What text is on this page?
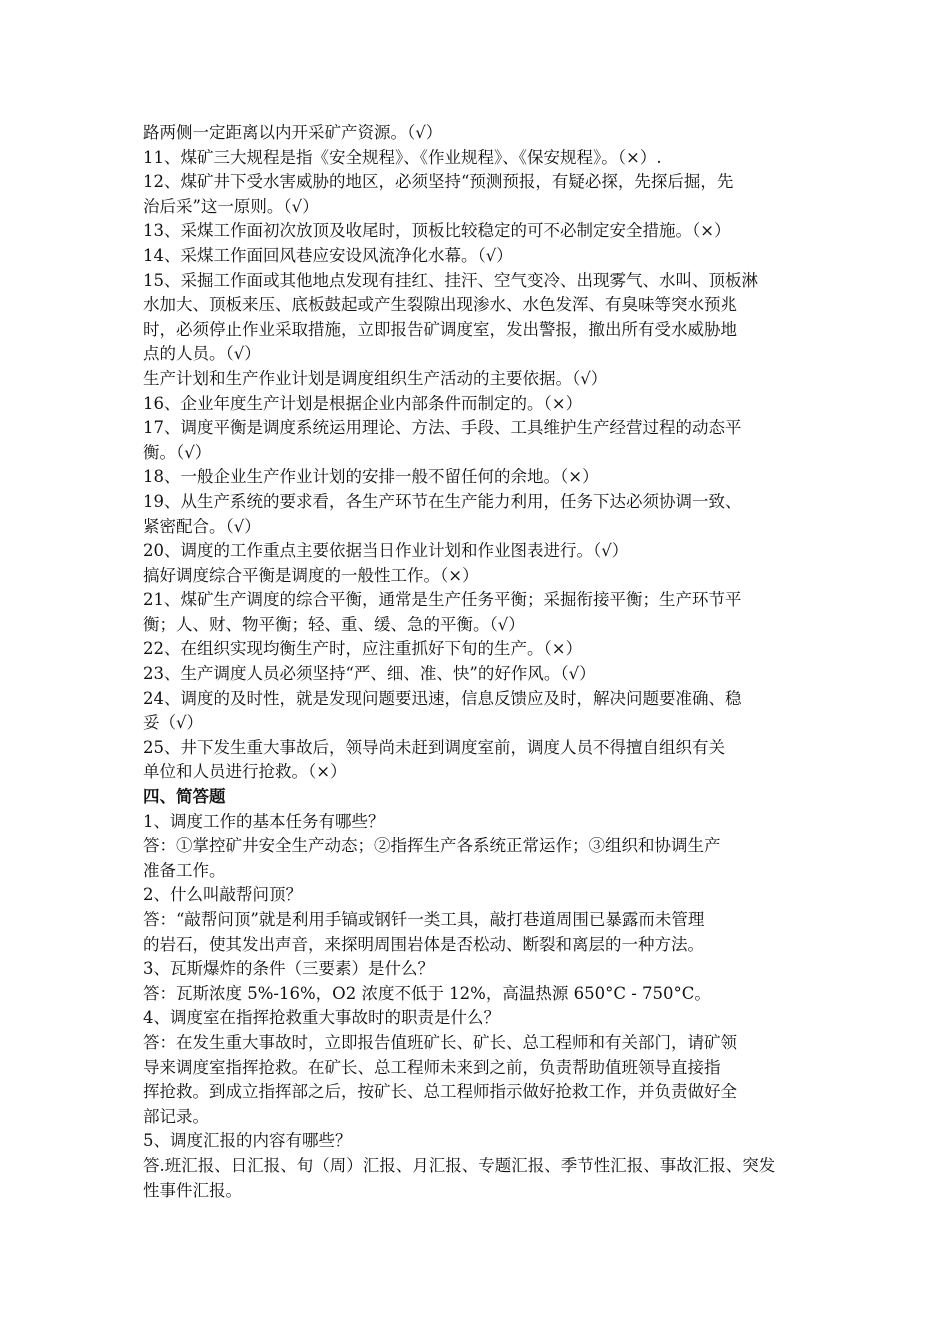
路两侧一定距离以内开采矿产资源。（√）
11、煤矿三大规程是指《安全规程》、《作业规程》、《保安规程》。（×）.
12、煤矿井下受水害威胁的地区，必须坚持“预测预报，有疑必探，先探后掘，先
治后采”这一原则。（√）
13、采煤工作面初次放顶及收尾时，顶板比较稳定的可不必制定安全措施。（×）
14、采煤工作面回风巷应安设风流净化水幕。（√）
15、采掘工作面或其他地点发现有挂红、挂汗、空气变冷、出现雾气、水叫、顶板淋
水加大、顶板来压、底板鼓起或产生裂隙出现渗水、水色发浑、有臭味等突水预兆
时，必须停止作业采取措施，立即报告矿调度室，发出警报，撤出所有受水威胁地
点的人员。（√）
生产计划和生产作业计划是调度组织生产活动的主要依据。（√）
16、企业年度生产计划是根据企业内部条件而制定的。（×）
17、调度平衡是调度系统运用理论、方法、手段、工具维护生产经营过程的动态平
衡。（√）
18、一般企业生产作业计划的安排一般不留任何的余地。（×）
19、从生产系统的要求看，各生产环节在生产能力利用，任务下达必须协调一致、
紧密配合。（√）
20、调度的工作重点主要依据当日作业计划和作业图表进行。（√）
搞好调度综合平衡是调度的一般性工作。（×）
21、煤矿生产调度的综合平衡，通常是生产任务平衡；采掘衔接平衡；生产环节平
衡；人、财、物平衡；轻、重、缓、急的平衡。（√）
22、在组织实现均衡生产时，应注重抓好下旬的生产。（×）
23、生产调度人员必须坚持“严、细、准、快”的好作风。（√）
24、调度的及时性，就是发现问题要迅速，信息反馈应及时，解决问题要准确、稳
妥（√）
25、井下发生重大事故后，领导尚未赶到调度室前，调度人员不得擅自组织有关
单位和人员进行抢救。（×）
四、简答题
1、调度工作的基本任务有哪些？
答：①掌控矿井安全生产动态；②指挥生产各系统正常运作；③组织和协调生产
准备工作。
2、什么叫敲帮问顶？
答：“敲帮问顶”就是利用手镐或钢钎一类工具，敲打巷道周围已暴露而未管理
的岩石，使其发出声音，来探明周围岩体是否松动、断裂和离层的一种方法。
3、瓦斯爆炸的条件（三要素）是什么？
答：瓦斯浓度 5%-16%，O2 浓度不低于 12%，高温热源 650°C - 750°C。
4、调度室在指挥抢救重大事故时的职责是什么？
答：在发生重大事故时，立即报告值班矿长、矿长、总工程师和有关部门，请矿领
导来调度室指挥抢救。在矿长、总工程师未来到之前，负责帮助值班领导直接指
挥抢救。到成立指挥部之后，按矿长、总工程师指示做好抢救工作，并负责做好全
部记录。
5、调度汇报的内容有哪些？
答.班汇报、日汇报、旬（周）汇报、月汇报、专题汇报、季节性汇报、事故汇报、突发
性事件汇报。
